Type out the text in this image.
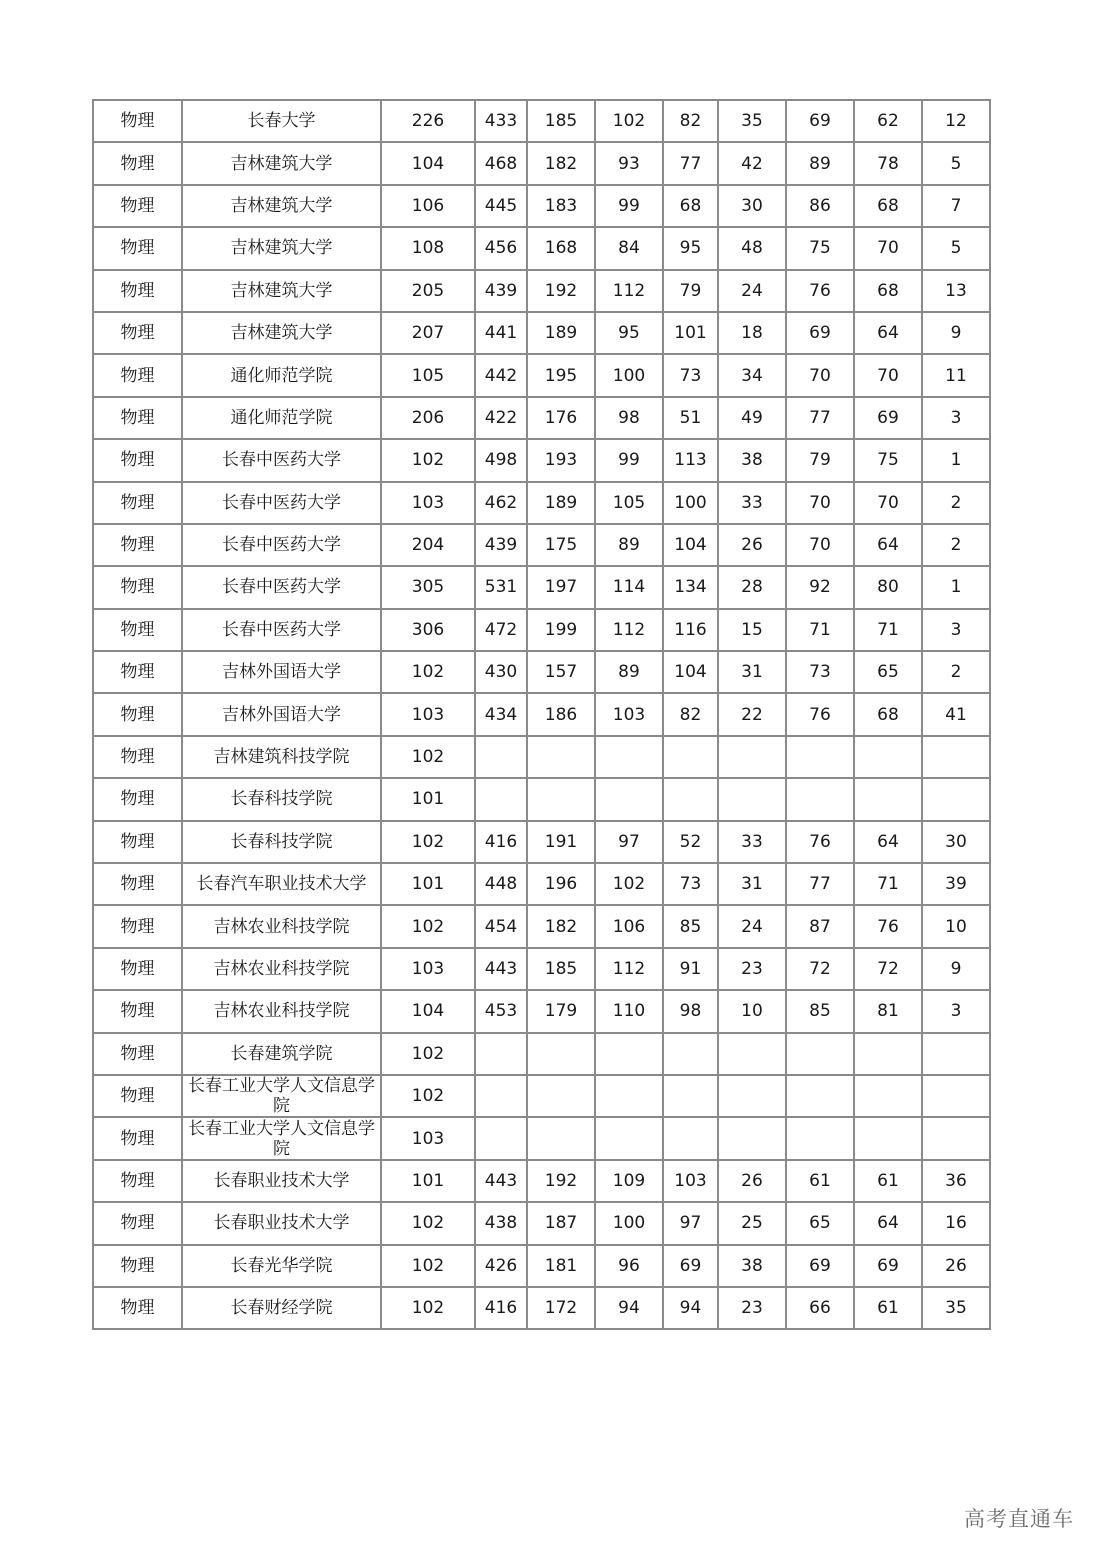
物理	长春大学	226	433	185	102	82	35	69	62	12
物理	吉林建筑大学	104	468	182	93	77	42	89	78	5
物理	吉林建筑大学	106	445	183	99	68	30	86	68	7
物理	吉林建筑大学	108	456	168	84	95	48	75	70	5
物理	吉林建筑大学	205	439	192	112	79	24	76	68	13
物理	吉林建筑大学	207	441	189	95	101	18	69	64	9
物理	通化师范学院	105	442	195	100	73	34	70	70	11
物理	通化师范学院	206	422	176	98	51	49	77	69	3
物理	长春中医药大学	102	498	193	99	113	38	79	75	1
物理	长春中医药大学	103	462	189	105	100	33	70	70	2
物理	长春中医药大学	204	439	175	89	104	26	70	64	2
物理	长春中医药大学	305	531	197	114	134	28	92	80	1
物理	长春中医药大学	306	472	199	112	116	15	71	71	3
物理	吉林外国语大学	102	430	157	89	104	31	73	65	2
物理	吉林外国语大学	103	434	186	103	82	22	76	68	41
物理	吉林建筑科技学院	102								
物理	长春科技学院	101								
物理	长春科技学院	102	416	191	97	52	33	76	64	30
物理	长春汽车职业技术大学	101	448	196	102	73	31	77	71	39
物理	吉林农业科技学院	102	454	182	106	85	24	87	76	10
物理	吉林农业科技学院	103	443	185	112	91	23	72	72	9
物理	吉林农业科技学院	104	453	179	110	98	10	85	81	3
物理	长春建筑学院	102								
物理	长春工业大学人文信息学院	102								
物理	长春工业大学人文信息学院	103								
物理	长春职业技术大学	101	443	192	109	103	26	61	61	36
物理	长春职业技术大学	102	438	187	100	97	25	65	64	16
物理	长春光华学院	102	426	181	96	69	38	69	69	26
物理	长春财经学院	102	416	172	94	94	23	66	61	35
高考直通车
